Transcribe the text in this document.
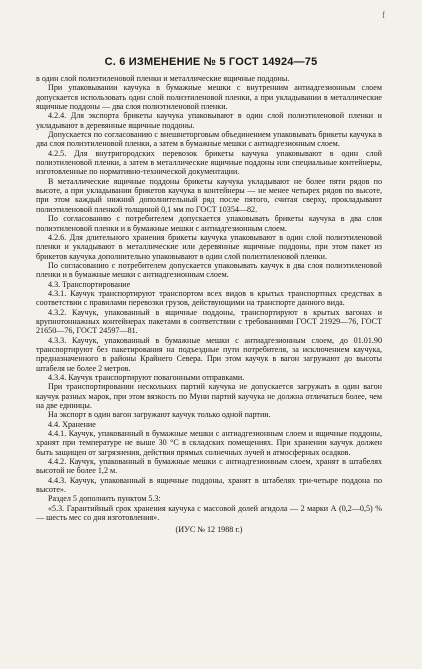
f
С. 6 ИЗМЕНЕНИЕ № 5 ГОСТ 14924—75

в один слой полиэтиленовой пленки и металлические ящичные поддоны.

При упаковывании каучука в бумажные мешки с внутренним антиадгезионным слоем допускается использовать один слой полиэтиленовой пленки, а при укладывании в металлические ящичные поддоны — два слоя полиэтиленовой пленки.

4.2.4. Для экспорта брикеты каучука упаковывают в один слой полиэтиленовой пленки и укладывают в деревянные ящичные поддоны.

Допускается по согласованию с внешнеторговым объединением упаковывать брикеты каучука в два слоя полиэтиленовой пленки, а затем в бумажные мешки с антиадгезионным слоем.

4.2.5. Для внутригородских перевозок брикеты каучука упаковывают в один слой полиэтиленовой пленки, а затем в металлические ящичные поддоны или специальные контейнеры, изготовленные по нормативно-технической документации.

В металлические ящичные поддоны брикеты каучука укладывают не более пяти рядов по высоте, а при укладывании брикетов каучука в контейнеры — не менее четырех рядов по высоте, при этом каждый нижний дополнительный ряд после пятого, считая сверху, прокладывают полиэтиленовой пленкой толщиной 0,1 мм по ГОСТ 10354—82.

По согласованию с потребителем допускается упаковывать брикеты каучука в два слоя полиэтиленовой пленки и в бумажные мешки с антиадгезионным слоем.

4.2.6. Для длительного хранения брикеты каучука упаковывают в один слой полиэтиленовой пленки и укладывают в металлические или деревянные ящичные поддоны, при этом пакет из брикетов каучука дополнительно упаковывают в один слой полиэтиленовой пленки.

По согласованию с потребителем допускается упаковывать каучук в два слоя полиэтиленовой пленки и в бумажные мешки с антиадгезионным слоем.

4.3. Транспортирование

4.3.1. Каучук транспортируют транспортом всех видов в крытых транспортных средствах в соответствии с правилами перевозки грузов, действующими на транспорте данного вида.

4.3.2. Каучук, упакованный в ящичные поддоны, транспортируют в крытых вагонах и крупнотоннажных контейнерах пакетами в соответствии с требованиями ГОСТ 21929—76, ГОСТ 21650—76, ГОСТ 24597—81.

4.3.3. Каучук, упакованный в бумажные мешки с антиадгезионным слоем, до 01.01.90 транспортируют без пакетирования на подъездные пути потребителя, за исключением каучука, предназначенного в районы Крайнего Севера. При этом каучук в вагон загружают до высоты штабеля не более 2 метров.

4.3.4. Каучук транспортируют повагонными отправками.

При транспортировании нескольких партий каучука не допускается загружать в один вагон каучук разных марок, при этом вязкость по Муни партий каучука не должна отличаться более, чем на две единицы.

На экспорт в один вагон загружают каучук только одной партии.

4.4. Хранение

4.4.1. Каучук, упакованный в бумажные мешки с антиадгезионным слоем и ящичные поддоны, хранят при температуре не выше 30 °С в складских помещениях. При хранении каучук должен быть защищен от загрязнения, действия прямых солнечных лучей и атмосферных осадков.

4.4.2. Каучук, упакованный в бумажные мешки с антиадгезионным слоем, хранят в штабелях высотой не более 1,2 м.

4.4.3. Каучук, упакованный в ящичные поддоны, хранят в штабелях три-четыре поддона по высоте».

Раздел 5 дополнить пунктом 5.3:

«5.3. Гарантийный срок хранения каучука с массовой долей агидола — 2 марки А (0,2—0,5) % — шесть мес со дня изготовления».

(ИУС № 12 1988 г.)
